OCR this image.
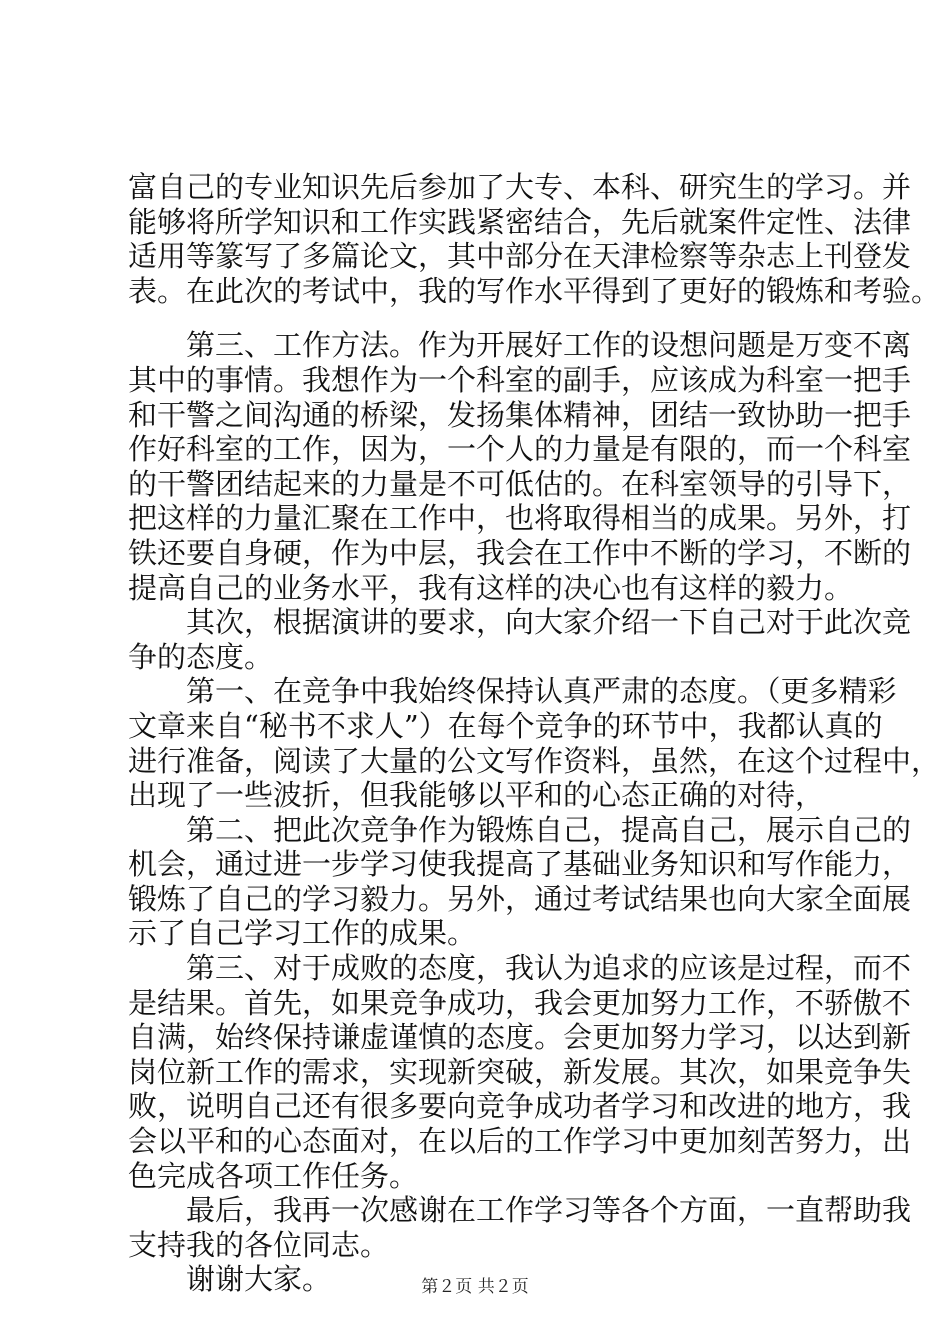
富自己的专业知识先后参加了大专、本科、研究生的学习。并
能够将所学知识和工作实践紧密结合，先后就案件定性、法律
适用等篆写了多篇论文，其中部分在天津检察等杂志上刊登发
表。在此次的考试中，我的写作水平得到了更好的锻炼和考验。
　　第三、工作方法。作为开展好工作的设想问题是万变不离
其中的事情。我想作为一个科室的副手，应该成为科室一把手
和干警之间沟通的桥梁，发扬集体精神，团结一致协助一把手
作好科室的工作，因为，一个人的力量是有限的，而一个科室
的干警团结起来的力量是不可低估的。在科室领导的引导下，
把这样的力量汇聚在工作中，也将取得相当的成果。另外，打
铁还要自身硬，作为中层，我会在工作中不断的学习，不断的
提高自己的业务水平，我有这样的决心也有这样的毅力。
　　其次，根据演讲的要求，向大家介绍一下自己对于此次竞
争的态度。
　　第一、在竞争中我始终保持认真严肃的态度。（更多精彩
文章来自“秘书不求人”）在每个竞争的环节中，我都认真的
进行准备，阅读了大量的公文写作资料，虽然，在这个过程中，
出现了一些波折，但我能够以平和的心态正确的对待，
　　第二、把此次竞争作为锻炼自己，提高自己，展示自己的
机会，通过进一步学习使我提高了基础业务知识和写作能力，
锻炼了自己的学习毅力。另外，通过考试结果也向大家全面展
示了自己学习工作的成果。
　　第三、对于成败的态度，我认为追求的应该是过程，而不
是结果。首先，如果竞争成功，我会更加努力工作，不骄傲不
自满，始终保持谦虚谨慎的态度。会更加努力学习，以达到新
岗位新工作的需求，实现新突破，新发展。其次，如果竞争失
败，说明自己还有很多要向竞争成功者学习和改进的地方，我
会以平和的心态面对，在以后的工作学习中更加刻苦努力，出
色完成各项工作任务。
　　最后，我再一次感谢在工作学习等各个方面，一直帮助我
支持我的各位同志。
　　谢谢大家。	第２页 共２页
